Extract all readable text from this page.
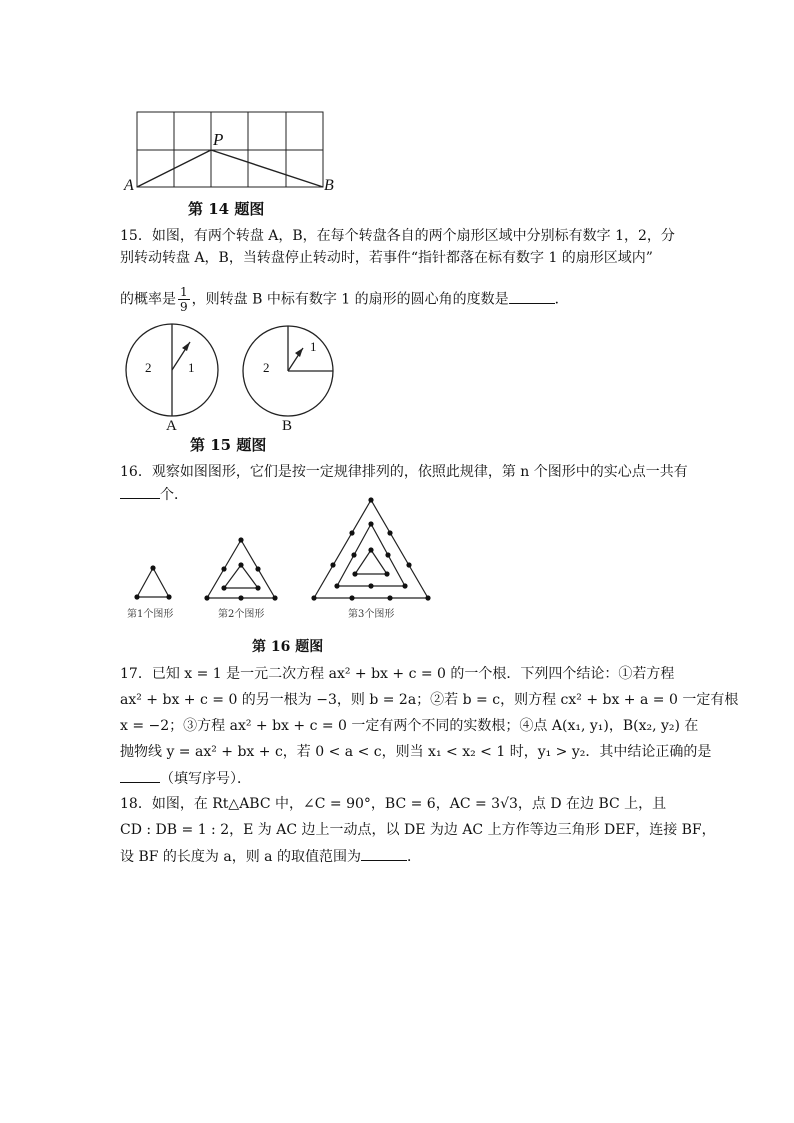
P
A	B
第 14 题图
15．如图，有两个转盘 A，B，在每个转盘各自的两个扇形区域中分别标有数字 1，2，分
别转动转盘 A，B，当转盘停止转动时，若事件“指针都落在标有数字 1 的扇形区域内”
的概率是 $\frac{1}{9}$ ，则转盘 B 中标有数字 1 的扇形的圆心角的度数是	．
2	1
A
2
1
B
第 15 题图
16．观察如图图形，它们是按一定规律排列的，依照此规律，第 n 个图形中的实心点一共有
个．
第1个图形	第2个图形	第3个图形
第 16 题图
17．已知 x = 1 是一元二次方程 ax² + bx + c = 0 的一个根．下列四个结论：①若方程
ax² + bx + c = 0 的另一根为 −3，则 b = 2a；②若 b = c，则方程 cx² + bx + a = 0 一定有根
x = −2；③方程 ax² + bx + c = 0 一定有两个不同的实数根；④点 A(x₁, y₁)，B(x₂, y₂) 在
抛物线 y = ax² + bx + c，若 0 < a < c，则当 x₁ < x₂ < 1 时，y₁ > y₂．其中结论正确的是
（填写序号）．
18．如图，在 Rt△ABC 中，∠C = 90°，BC = 6，AC = 3√3，点 D 在边 BC 上，且
CD : DB = 1 : 2，E 为 AC 边上一动点，以 DE 为边 AC 上方作等边三角形 DEF，连接 BF，
设 BF 的长度为 a，则 a 的取值范围为	．
